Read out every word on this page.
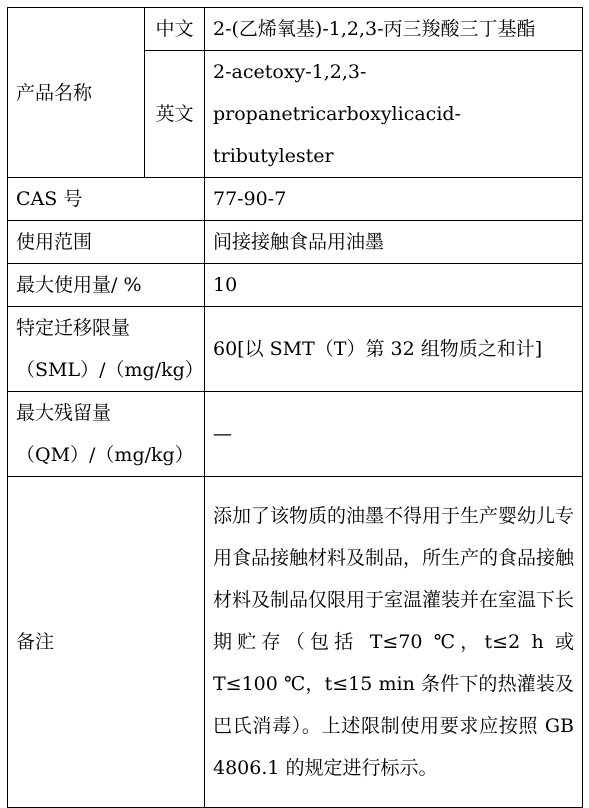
产品名称	中文	2-(乙烯氧基)-1,2,3-丙三羧酸三丁基酯
	英文	2-acetoxy-1,2,3-propanetricarboxylicacid-
tributylester
CAS 号		77-90-7
使用范围		间接接触食品用油墨
最大使用量/ %		10
特定迁移限量
（SML）/（mg/kg）		60[以 SMT（T）第 32 组物质之和计]
最大残留量
（QM）/（mg/kg）		—
备注		添加了该物质的油墨不得用于生产婴幼儿专用食品接触材料及制品，所生产的食品接触材料及制品仅限用于室温灌装并在室温下长期贮存（包括 T≤70 ℃，t≤2 h 或 T≤100 ℃，t≤15 min 条件下的热灌装及巴氏消毒）。上述限制使用要求应按照 GB 4806.1 的规定进行标示。
